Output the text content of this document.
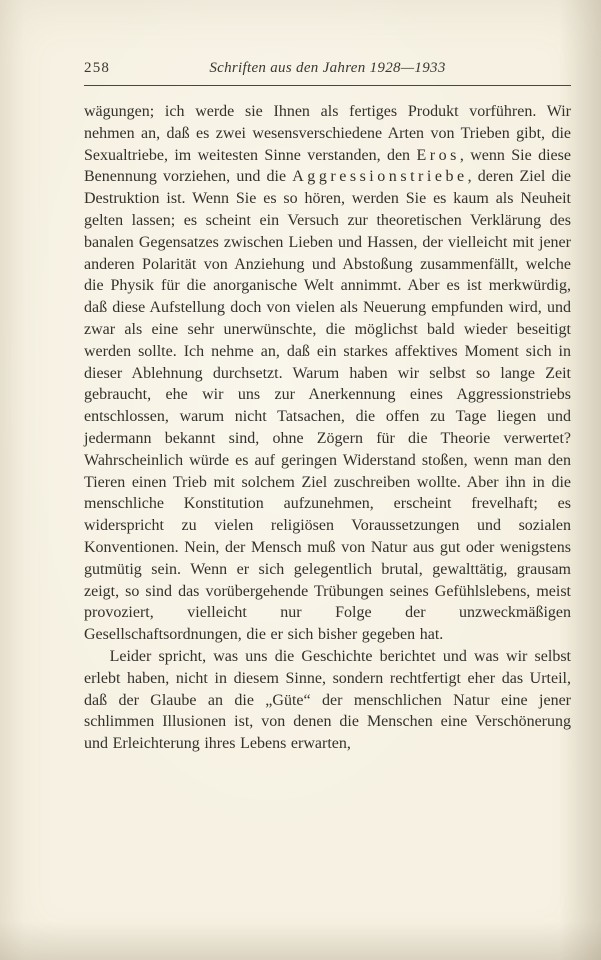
258	Schriften aus den Jahren 1928—1933

wägungen; ich werde sie Ihnen als fertiges Produkt vorführen. Wir nehmen an, daß es zwei wesensverschiedene Arten von Trieben gibt, die Sexualtriebe, im weitesten Sinne verstanden, den Eros, wenn Sie diese Benennung vorziehen, und die Aggressionstriebe, deren Ziel die Destruktion ist. Wenn Sie es so hören, werden Sie es kaum als Neuheit gelten lassen; es scheint ein Versuch zur theoretischen Verklärung des banalen Gegensatzes zwischen Lieben und Hassen, der vielleicht mit jener anderen Polarität von Anziehung und Abstoßung zusammenfällt, welche die Physik für die anorganische Welt annimmt. Aber es ist merkwürdig, daß diese Aufstellung doch von vielen als Neuerung empfunden wird, und zwar als eine sehr unerwünschte, die möglichst bald wieder beseitigt werden sollte. Ich nehme an, daß ein starkes affektives Moment sich in dieser Ablehnung durchsetzt. Warum haben wir selbst so lange Zeit gebraucht, ehe wir uns zur Anerkennung eines Aggressionstriebs entschlossen, warum nicht Tatsachen, die offen zu Tage liegen und jedermann bekannt sind, ohne Zögern für die Theorie verwertet? Wahrscheinlich würde es auf geringen Widerstand stoßen, wenn man den Tieren einen Trieb mit solchem Ziel zuschreiben wollte. Aber ihn in die menschliche Konstitution aufzunehmen, erscheint frevelhaft; es widerspricht zu vielen religiösen Voraussetzungen und sozialen Konventionen. Nein, der Mensch muß von Natur aus gut oder wenigstens gutmütig sein. Wenn er sich gelegentlich brutal, gewalttätig, grausam zeigt, so sind das vorübergehende Trübungen seines Gefühlslebens, meist provoziert, vielleicht nur Folge der unzweckmäßigen Gesellschaftsordnungen, die er sich bisher gegeben hat.

Leider spricht, was uns die Geschichte berichtet und was wir selbst erlebt haben, nicht in diesem Sinne, sondern rechtfertigt eher das Urteil, daß der Glaube an die „Güte“ der menschlichen Natur eine jener schlimmen Illusionen ist, von denen die Menschen eine Verschönerung und Erleichterung ihres Lebens erwarten,
